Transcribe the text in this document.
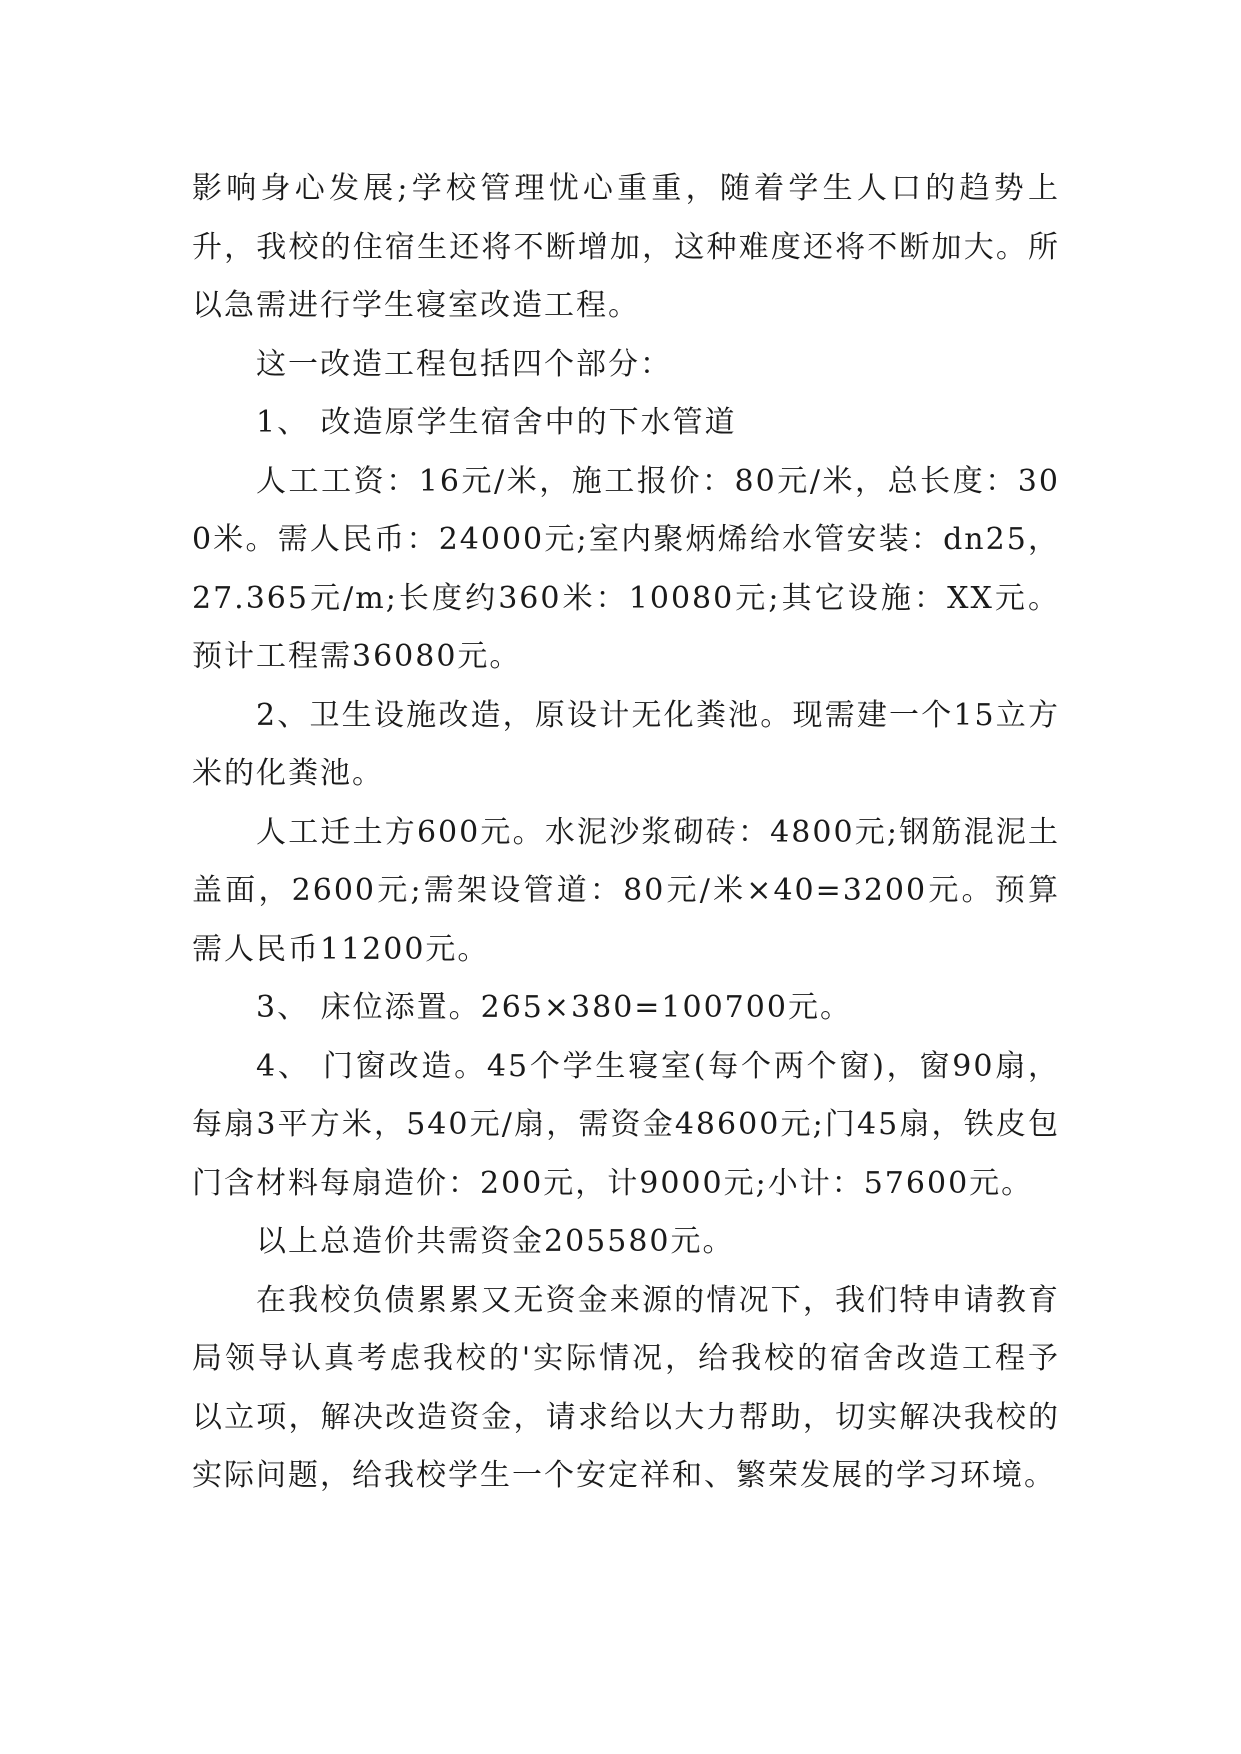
影响身心发展;学校管理忧心重重，随着学生人口的趋势上升，我校的住宿生还将不断增加，这种难度还将不断加大。所以急需进行学生寝室改造工程。

这一改造工程包括四个部分：

1、 改造原学生宿舍中的下水管道

人工工资：16元/米，施工报价：80元/米，总长度：300米。需人民币：24000元;室内聚炳烯给水管安装：dn25，27.365元/m;长度约360米：10080元;其它设施：XX元。预计工程需36080元。

2、卫生设施改造，原设计无化粪池。现需建一个15立方米的化粪池。

人工迁土方600元。水泥沙浆砌砖：4800元;钢筋混泥土盖面，2600元;需架设管道：80元/米×40=3200元。预算需人民币11200元。

3、 床位添置。265×380=100700元。

4、 门窗改造。45个学生寝室(每个两个窗)，窗90扇，每扇3平方米，540元/扇，需资金48600元;门45扇，铁皮包门含材料每扇造价：200元，计9000元;小计：57600元。

以上总造价共需资金205580元。

在我校负债累累又无资金来源的情况下，我们特申请教育局领导认真考虑我校的'实际情况，给我校的宿舍改造工程予以立项，解决改造资金，请求给以大力帮助，切实解决我校的实际问题，给我校学生一个安定祥和、繁荣发展的学习环境。
